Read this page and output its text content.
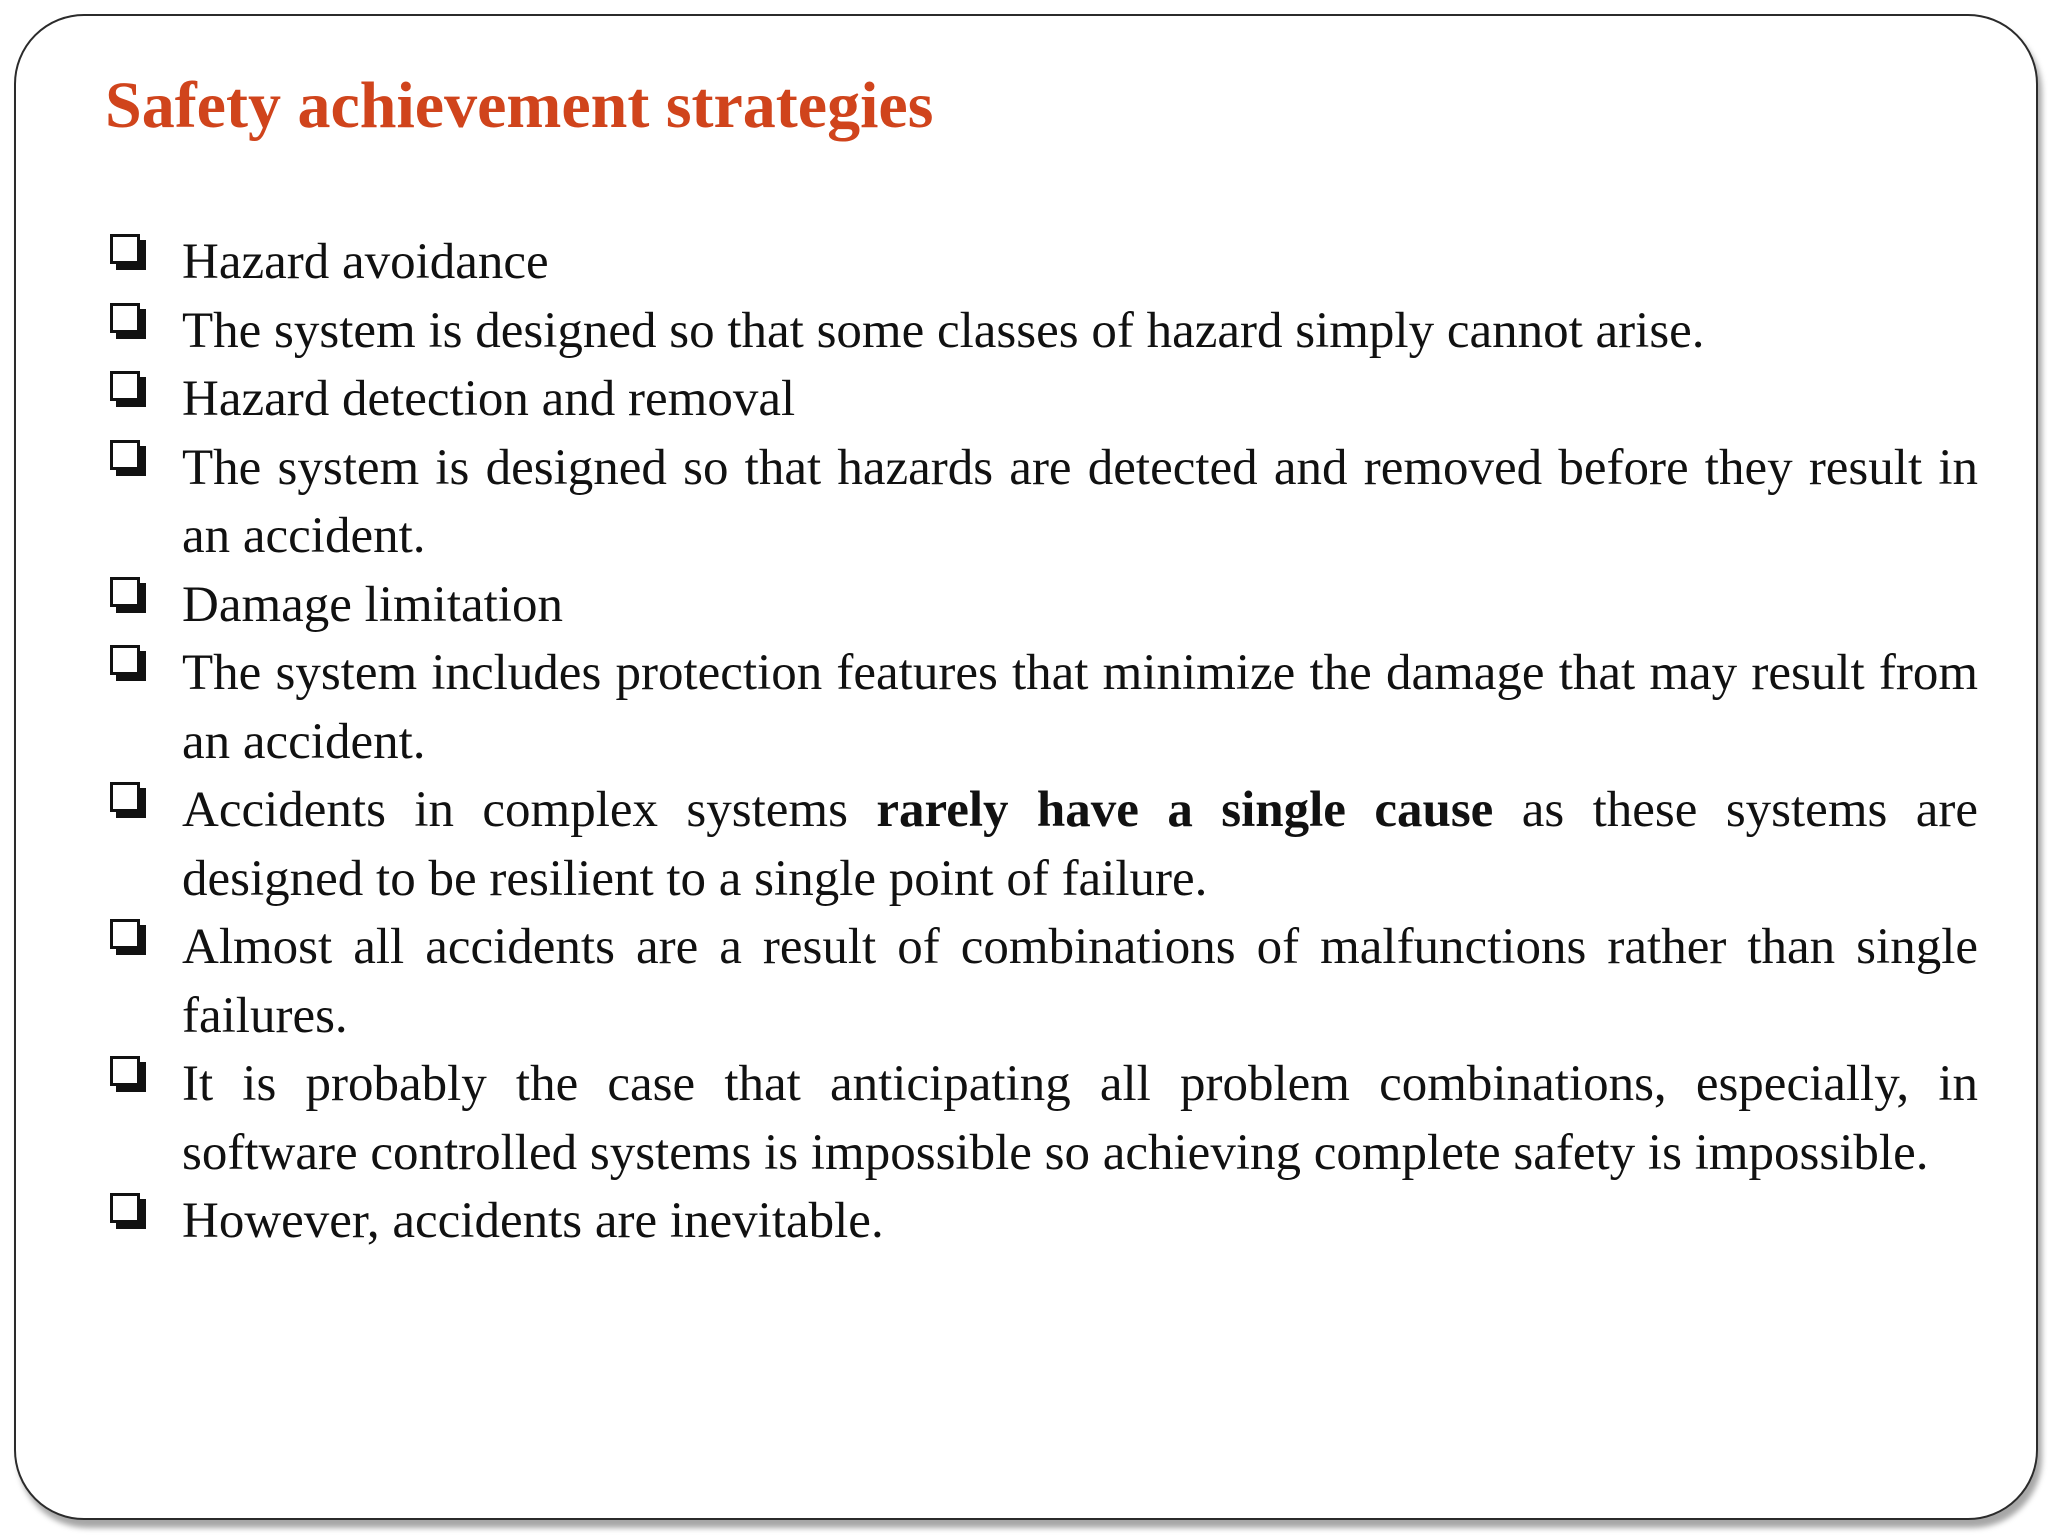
Safety achievement strategies
Hazard avoidance
The system is designed so that some classes of hazard simply cannot arise.
Hazard detection and removal
The system is designed so that hazards are detected and removed before they result in an accident.
Damage limitation
The system includes protection features that minimize the damage that may result from an accident.
Accidents in complex systems rarely have a single cause as these systems are designed to be resilient to a single point of failure.
Almost all accidents are a result of combinations of malfunctions rather than single failures.
It is probably the case that anticipating all problem combinations, especially, in software controlled systems is impossible so achieving complete safety is impossible.
However, accidents are inevitable.
